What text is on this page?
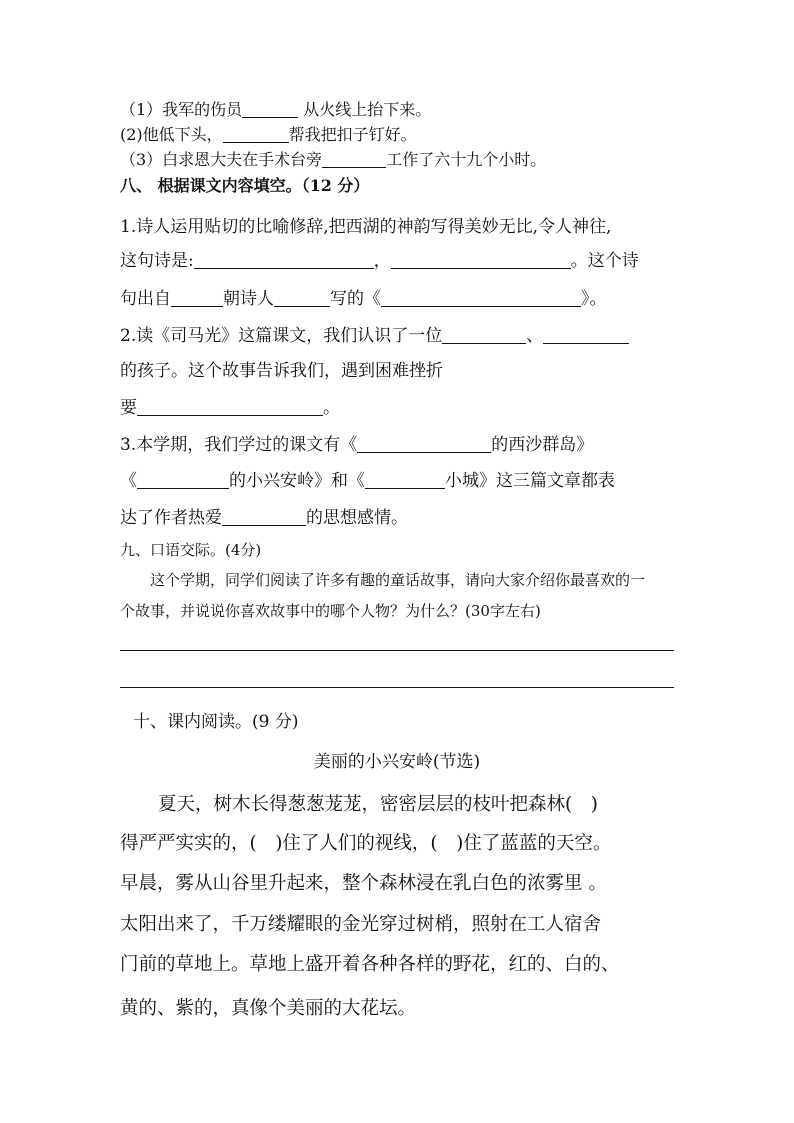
（1）我军的伤员	从火线上抬下来。
(2)他低下头，	帮我把扣子钉好。
（3）白求恩大夫在手术台旁	工作了六十九个小时。
八、 根据课文内容填空。（12 分）
1.诗人运用贴切的比喻修辞,把西湖的神韵写得美妙无比,令人神往,
这句诗是:	，	。这个诗
句出自	朝诗人	写的《	》。
2.读《司马光》这篇课文，我们认识了一位	、
的孩子。这个故事告诉我们，遇到困难挫折
要	。
3.本学期，我们学过的课文有《	的西沙群岛》
《	的小兴安岭》和《	小城》这三篇文章都表
达了作者热爱	的思想感情。
九、口语交际。(4分)
这个学期，同学们阅读了许多有趣的童话故事，请向大家介绍你最喜欢的一
个故事，并说说你喜欢故事中的哪个人物？为什么？(30字左右)
十、课内阅读。(9 分)
美丽的小兴安岭(节选)
夏天，树木长得葱葱茏茏，密密层层的枝叶把森林(　)
得严严实实的，(　)住了人们的视线，(　)住了蓝蓝的天空。
早晨，雾从山谷里升起来，整个森林浸在乳白色的浓雾里 。
太阳出来了，千万缕耀眼的金光穿过树梢，照射在工人宿舍
门前的草地上。草地上盛开着各种各样的野花，红的、白的、
黄的、紫的，真像个美丽的大花坛。
